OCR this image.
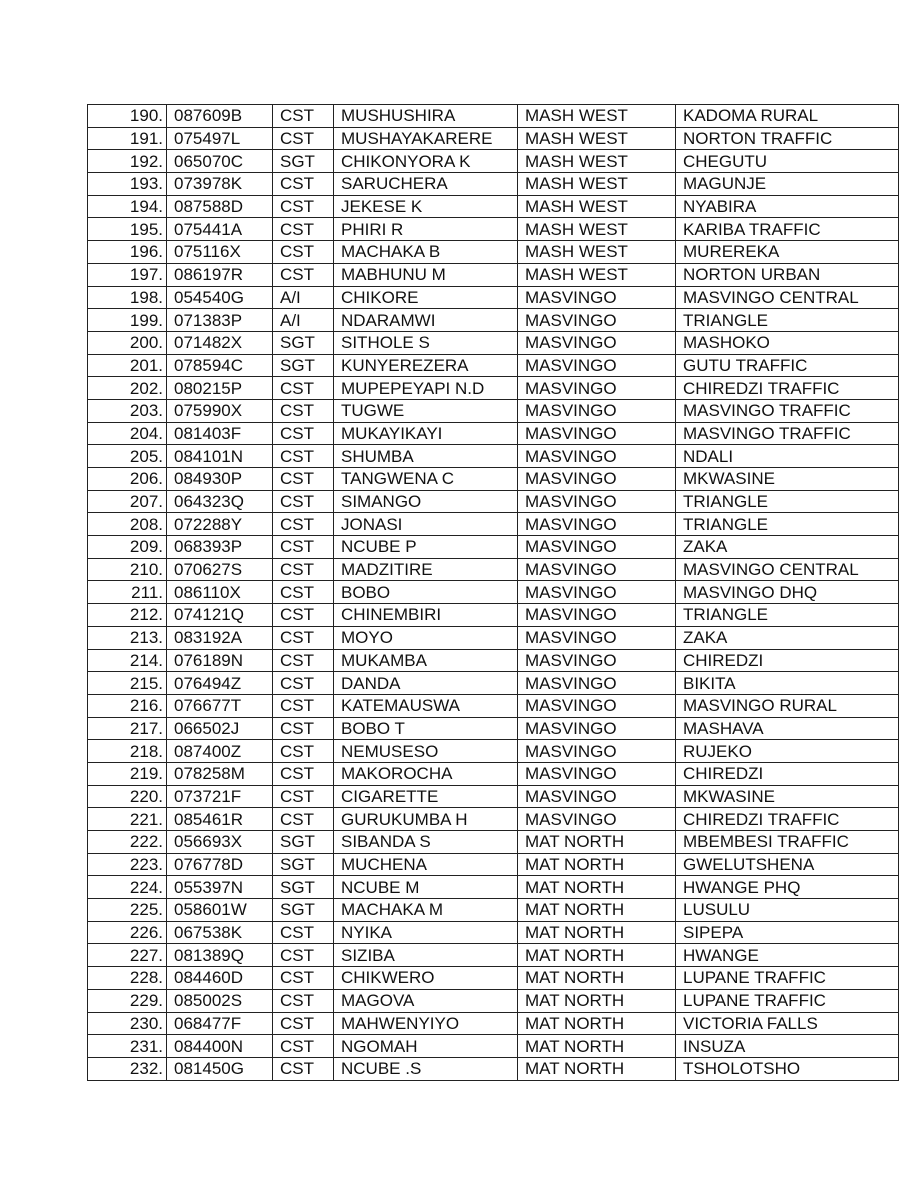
190.	087609B	CST	MUSHUSHIRA	MASH WEST	KADOMA RURAL
191.	075497L	CST	MUSHAYAKARERE	MASH WEST	NORTON TRAFFIC
192.	065070C	SGT	CHIKONYORA K	MASH WEST	CHEGUTU
193.	073978K	CST	SARUCHERA	MASH WEST	MAGUNJE
194.	087588D	CST	JEKESE K	MASH WEST	NYABIRA
195.	075441A	CST	PHIRI R	MASH WEST	KARIBA TRAFFIC
196.	075116X	CST	MACHAKA B	MASH WEST	MUREREKA
197.	086197R	CST	MABHUNU M	MASH WEST	NORTON URBAN
198.	054540G	A/I	CHIKORE	MASVINGO	MASVINGO CENTRAL
199.	071383P	A/I	NDARAMWI	MASVINGO	TRIANGLE
200.	071482X	SGT	SITHOLE S	MASVINGO	MASHOKO
201.	078594C	SGT	KUNYEREZERA	MASVINGO	GUTU TRAFFIC
202.	080215P	CST	MUPEPEYAPI N.D	MASVINGO	CHIREDZI TRAFFIC
203.	075990X	CST	TUGWE	MASVINGO	MASVINGO TRAFFIC
204.	081403F	CST	MUKAYIKAYI	MASVINGO	MASVINGO TRAFFIC
205.	084101N	CST	SHUMBA	MASVINGO	NDALI
206.	084930P	CST	TANGWENA C	MASVINGO	MKWASINE
207.	064323Q	CST	SIMANGO	MASVINGO	TRIANGLE
208.	072288Y	CST	JONASI	MASVINGO	TRIANGLE
209.	068393P	CST	NCUBE P	MASVINGO	ZAKA
210.	070627S	CST	MADZITIRE	MASVINGO	MASVINGO CENTRAL
211.	086110X	CST	BOBO	MASVINGO	MASVINGO DHQ
212.	074121Q	CST	CHINEMBIRI	MASVINGO	TRIANGLE
213.	083192A	CST	MOYO	MASVINGO	ZAKA
214.	076189N	CST	MUKAMBA	MASVINGO	CHIREDZI
215.	076494Z	CST	DANDA	MASVINGO	BIKITA
216.	076677T	CST	KATEMAUSWA	MASVINGO	MASVINGO RURAL
217.	066502J	CST	BOBO T	MASVINGO	MASHAVA
218.	087400Z	CST	NEMUSESO	MASVINGO	RUJEKO
219.	078258M	CST	MAKOROCHA	MASVINGO	CHIREDZI
220.	073721F	CST	CIGARETTE	MASVINGO	MKWASINE
221.	085461R	CST	GURUKUMBA H	MASVINGO	CHIREDZI TRAFFIC
222.	056693X	SGT	SIBANDA S	MAT NORTH	MBEMBESI TRAFFIC
223.	076778D	SGT	MUCHENA	MAT NORTH	GWELUTSHENA
224.	055397N	SGT	NCUBE M	MAT NORTH	HWANGE PHQ
225.	058601W	SGT	MACHAKA M	MAT NORTH	LUSULU
226.	067538K	CST	NYIKA	MAT NORTH	SIPEPA
227.	081389Q	CST	SIZIBA	MAT NORTH	HWANGE
228.	084460D	CST	CHIKWERO	MAT NORTH	LUPANE TRAFFIC
229.	085002S	CST	MAGOVA	MAT NORTH	LUPANE TRAFFIC
230.	068477F	CST	MAHWENYIYO	MAT NORTH	VICTORIA FALLS
231.	084400N	CST	NGOMAH	MAT NORTH	INSUZA
232.	081450G	CST	NCUBE .S	MAT NORTH	TSHOLOTSHO
